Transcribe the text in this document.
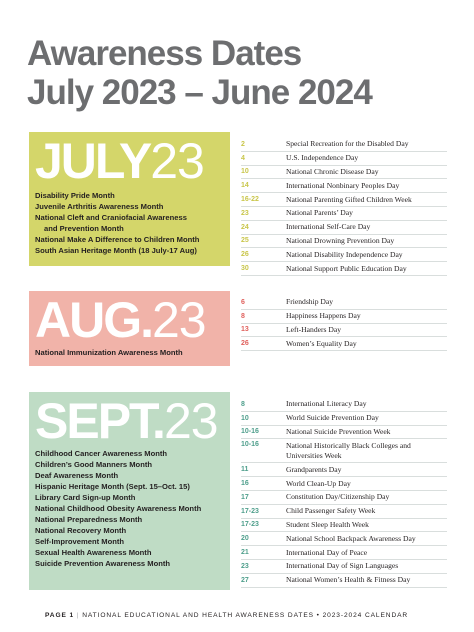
Awareness Dates
July 2023 – June 2024
JULY23
Disability Pride Month
Juvenile Arthritis Awareness Month
National Cleft and Craniofacial Awareness
and Prevention Month
National Make A Difference to Children Month
South Asian Heritage Month (18 July-17 Aug)
2	Special Recreation for the Disabled Day
4	U.S. Independence Day
10	National Chronic Disease Day
14	International Nonbinary Peoples Day
16-22	National Parenting Gifted Children Week
23	National Parents’ Day
24	International Self-Care Day
25	National Drowning Prevention Day
26	National Disability Independence Day
30	National Support Public Education Day
AUG.23
National Immunization Awareness Month
6	Friendship Day
8	Happiness Happens Day
13	Left-Handers Day
26	Women’s Equality Day
SEPT.23
Childhood Cancer Awareness Month
Children’s Good Manners Month
Deaf Awareness Month
Hispanic Heritage Month (Sept. 15–Oct. 15)
Library Card Sign-up Month
National Childhood Obesity Awareness Month
National Preparedness Month
National Recovery Month
Self-Improvement Month
Sexual Health Awareness Month
Suicide Prevention Awareness Month
8	International Literacy Day
10	World Suicide Prevention Day
10-16	National Suicide Prevention Week
10-16	National Historically Black Colleges and Universities Week
11	Grandparents Day
16	World Clean-Up Day
17	Constitution Day/Citizenship Day
17-23	Child Passenger Safety Week
17-23	Student Sleep Health Week
20	National School Backpack Awareness Day
21	International Day of Peace
23	International Day of Sign Languages
27	National Women’s Health & Fitness Day
PAGE 1 | NATIONAL EDUCATIONAL AND HEALTH AWARENESS DATES • 2023-2024 CALENDAR
